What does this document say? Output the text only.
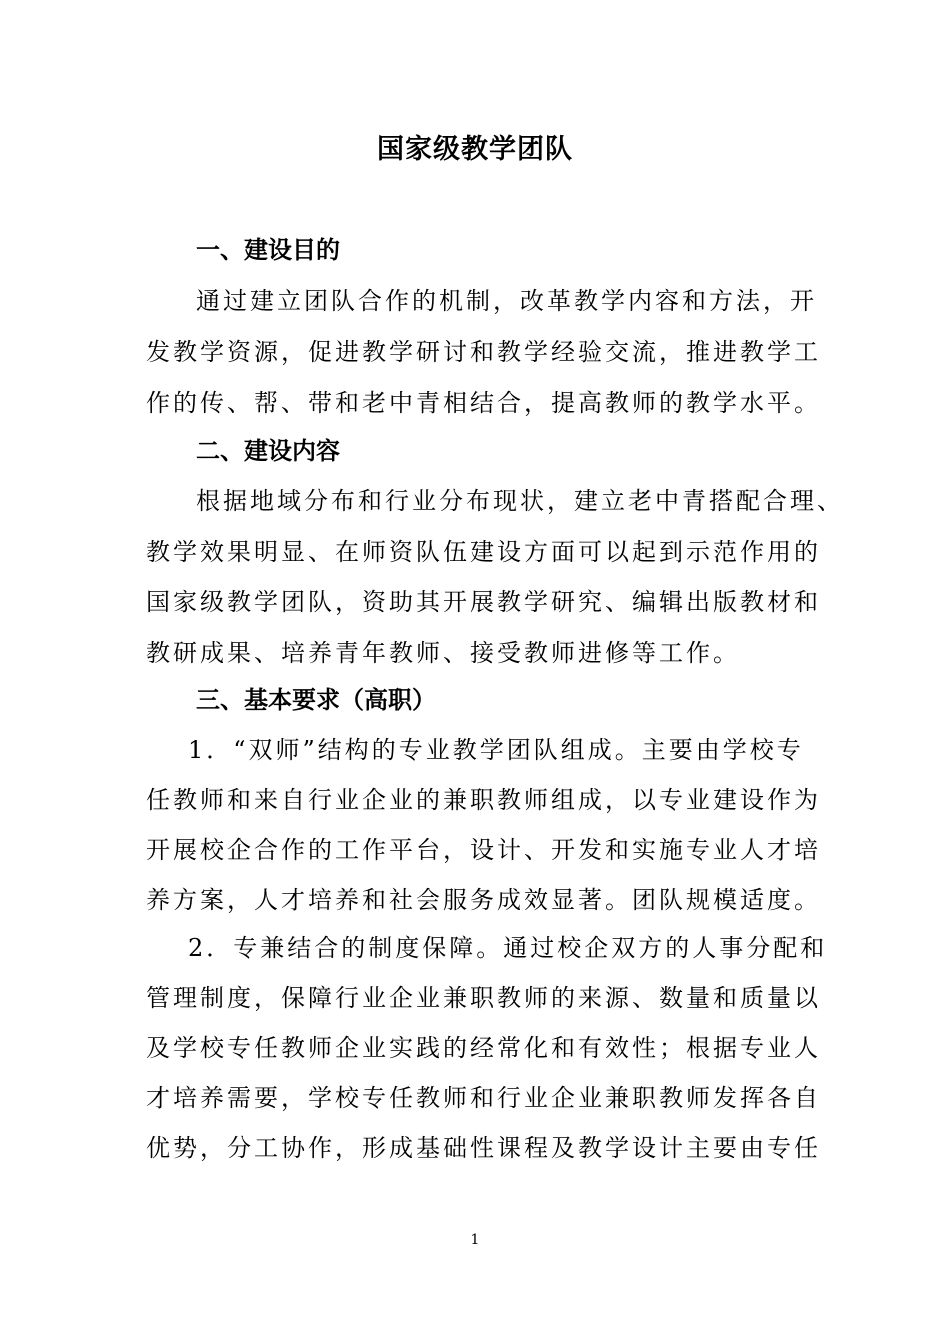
国家级教学团队
一、建设目的
通过建立团队合作的机制，改革教学内容和方法，开
发教学资源，促进教学研讨和教学经验交流，推进教学工
作的传、帮、带和老中青相结合，提高教师的教学水平。
二、建设内容
根据地域分布和行业分布现状，建立老中青搭配合理、
教学效果明显、在师资队伍建设方面可以起到示范作用的
国家级教学团队，资助其开展教学研究、编辑出版教材和
教研成果、培养青年教师、接受教师进修等工作。
三、基本要求（高职）
1．“双师”结构的专业教学团队组成。主要由学校专
任教师和来自行业企业的兼职教师组成，以专业建设作为
开展校企合作的工作平台，设计、开发和实施专业人才培
养方案，人才培养和社会服务成效显著。团队规模适度。
2．专兼结合的制度保障。通过校企双方的人事分配和
管理制度，保障行业企业兼职教师的来源、数量和质量以
及学校专任教师企业实践的经常化和有效性；根据专业人
才培养需要，学校专任教师和行业企业兼职教师发挥各自
优势，分工协作，形成基础性课程及教学设计主要由专任
1
